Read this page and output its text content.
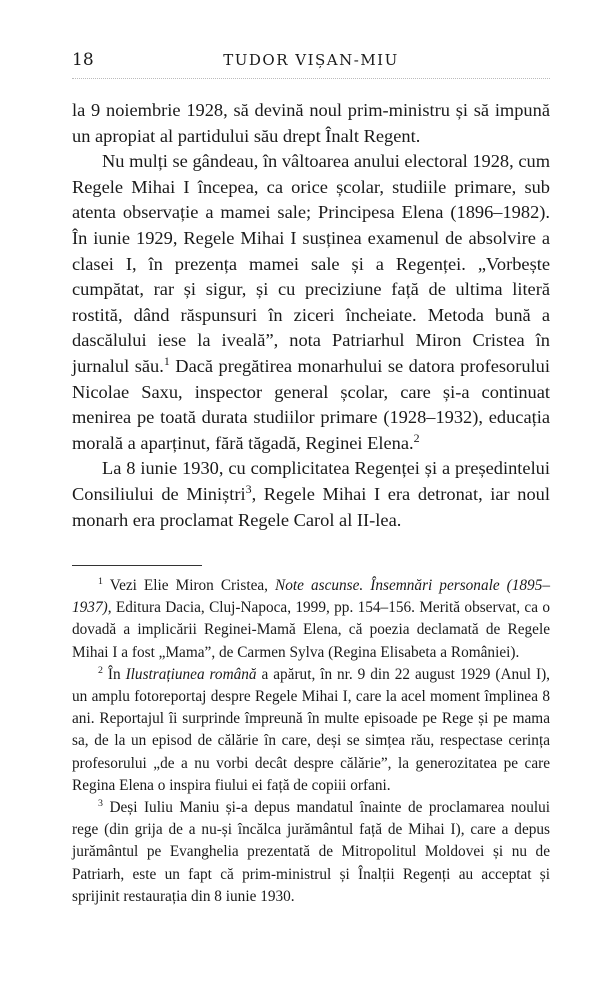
18	TUDOR VIȘAN-MIU

la 9 noiembrie 1928, să devină noul prim-ministru și să impună un apropiat al partidului său drept Înalt Regent.

Nu mulți se gândeau, în vâltoarea anului electoral 1928, cum Regele Mihai I începea, ca orice școlar, studiile primare, sub atenta observație a mamei sale; Principesa Elena (1896–1982). În iunie 1929, Regele Mihai I susținea examenul de absolvire a clasei I, în prezența mamei sale și a Regenței. „Vorbește cumpătat, rar și sigur, și cu preciziune față de ultima literă rostită, dând răspunsuri în ziceri încheiate. Metoda bună a dascălului iese la iveală”, nota Patriarhul Miron Cristea în jurnalul său.$^1$ Dacă pregătirea monarhului se datora profesorului Nicolae Saxu, inspector general școlar, care și-a continuat menirea pe toată durata studiilor primare (1928–1932), educația morală a aparținut, fără tăgadă, Reginei Elena.$^2$

La 8 iunie 1930, cu complicitatea Regenței și a președintelui Consiliului de Miniștri$^3$, Regele Mihai I era detronat, iar noul monarh era proclamat Regele Carol al II-lea.

$^1$ Vezi Elie Miron Cristea, Note ascunse. Însemnări personale (1895–1937), Editura Dacia, Cluj-Napoca, 1999, pp. 154–156. Merită observat, ca o dovadă a implicării Reginei-Mamă Elena, că poezia declamată de Regele Mihai I a fost „Mama”, de Carmen Sylva (Regina Elisabeta a României).

$^2$ În Ilustrațiunea română a apărut, în nr. 9 din 22 august 1929 (Anul I), un amplu fotoreportaj despre Regele Mihai I, care la acel moment împlinea 8 ani. Reportajul îi surprinde împreună în multe episoade pe Rege și pe mama sa, de la un episod de călărie în care, deși se simțea rău, respectase cerința profesorului „de a nu vorbi decât despre călărie”, la generozitatea pe care Regina Elena o inspira fiului ei față de copiii orfani.

$^3$ Deși Iuliu Maniu și-a depus mandatul înainte de proclamarea noului rege (din grija de a nu-și încălca jurământul față de Mihai I), care a depus jurământul pe Evanghelia prezentată de Mitropolitul Moldovei și nu de Patriarh, este un fapt că prim-ministrul și Înalții Regenți au acceptat și sprijinit restaurația din 8 iunie 1930.
